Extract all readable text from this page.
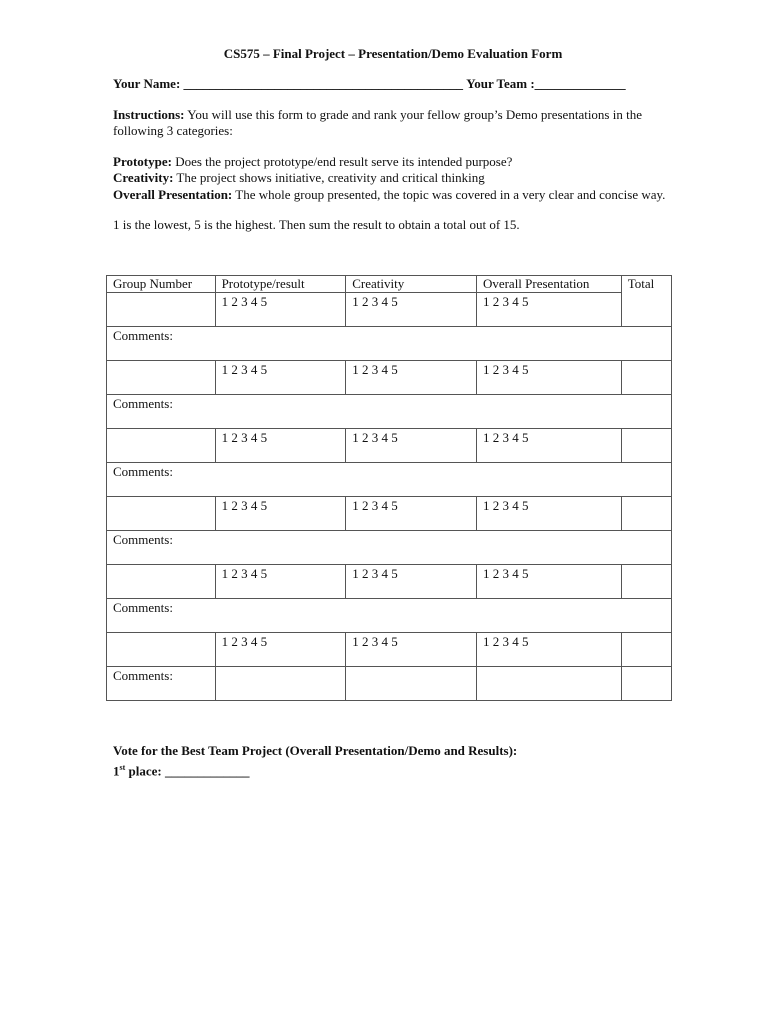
CS575 – Final Project – Presentation/Demo Evaluation Form

Your Name: ___________________________________________ Your Team :______________

Instructions: You will use this form to grade and rank your fellow group’s Demo presentations in the following 3 categories:

Prototype: Does the project prototype/end result serve its intended purpose?

Creativity: The project shows initiative, creativity and critical thinking

Overall Presentation: The whole group presented, the topic was covered in a very clear and concise way.

1 is the lowest, 5 is the highest. Then sum the result to obtain a total out of 15.

Group Number	Prototype/result	Creativity	Overall Presentation	Total
	1 2 3 4 5	1 2 3 4 5	1 2 3 4 5	
Comments:				
	1 2 3 4 5	1 2 3 4 5	1 2 3 4 5	
Comments:				
	1 2 3 4 5	1 2 3 4 5	1 2 3 4 5	
Comments:				
	1 2 3 4 5	1 2 3 4 5	1 2 3 4 5	
Comments:				
	1 2 3 4 5	1 2 3 4 5	1 2 3 4 5	
Comments:				
	1 2 3 4 5	1 2 3 4 5	1 2 3 4 5	
Comments:				

Vote for the Best Team Project (Overall Presentation/Demo and Results):

1st place: _____________
